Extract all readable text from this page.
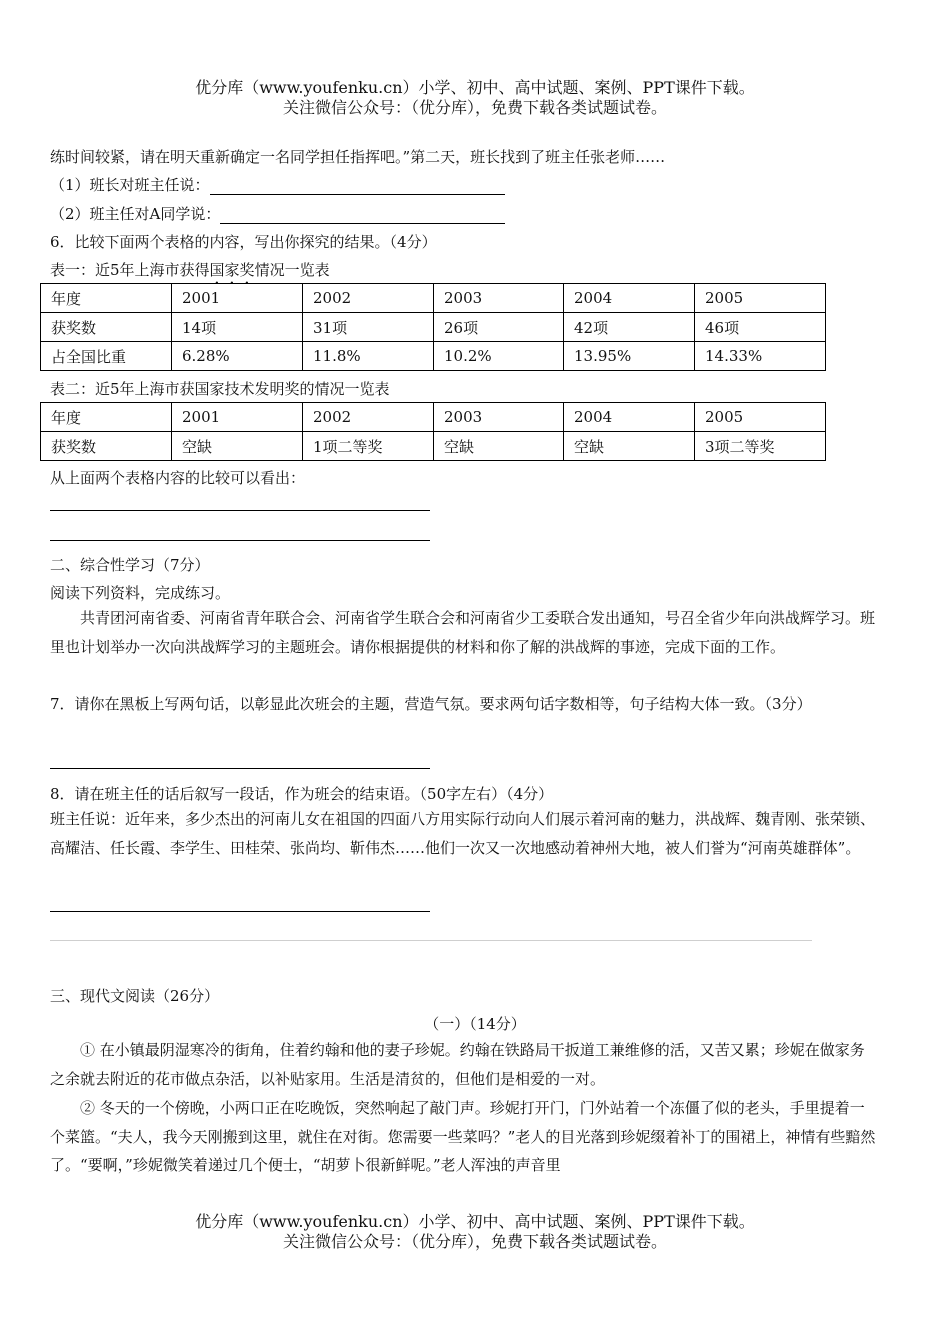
优分库（www.youfenku.cn）小学、初中、高中试题、案例、PPT课件下载。
关注微信公众号：（优分库），免费下载各类试题试卷。
练时间较紧，请在明天重新确定一名同学担任指挥吧。”第二天，班长找到了班主任张老师……
（1）班长对班主任说：
（2）班主任对A同学说：
6．比较下面两个表格的内容，写出你探究的结果。（4分）
表一：近5年上海市获得国家奖情况一览表
年度	2001	2002	2003	2004	2005
获奖数	14项	31项	26项	42项	46项
占全国比重	6.28%	11.8%	10.2%	13.95%	14.33%
表二：近5年上海市获国家技术发明奖的情况一览表
年度	2001	2002	2003	2004	2005
获奖数	空缺	1项二等奖	空缺	空缺	3项二等奖
从上面两个表格内容的比较可以看出：
二、综合性学习（7分）
阅读下列资料，完成练习。
共青团河南省委、河南省青年联合会、河南省学生联合会和河南省少工委联合发出通知，号召全省少年向洪战辉学习。班里也计划举办一次向洪战辉学习的主题班会。请你根据提供的材料和你了解的洪战辉的事迹，完成下面的工作。
7．请你在黑板上写两句话，以彰显此次班会的主题，营造气氛。要求两句话字数相等，句子结构大体一致。（3分）
8．请在班主任的话后叙写一段话，作为班会的结束语。（50字左右）（4分）
班主任说：近年来，多少杰出的河南儿女在祖国的四面八方用实际行动向人们展示着河南的魅力，洪战辉、魏青刚、张荣锁、高耀洁、任长霞、李学生、田桂荣、张尚均、靳伟杰……他们一次又一次地感动着神州大地，被人们誉为“河南英雄群体”。
三、现代文阅读（26分）
（一）（14分）
① 在小镇最阴湿寒冷的街角，住着约翰和他的妻子珍妮。约翰在铁路局干扳道工兼维修的活，又苦又累；珍妮在做家务之余就去附近的花市做点杂活，以补贴家用。生活是清贫的，但他们是相爱的一对。
② 冬天的一个傍晚，小两口正在吃晚饭，突然响起了敲门声。珍妮打开门，门外站着一个冻僵了似的老头，手里提着一个菜篮。“夫人，我今天刚搬到这里，就住在对街。您需要一些菜吗？”老人的目光落到珍妮缀着补丁的围裙上，神情有些黯然了。“要啊，”珍妮微笑着递过几个便士，“胡萝卜很新鲜呢。”老人浑浊的声音里
优分库（www.youfenku.cn）小学、初中、高中试题、案例、PPT课件下载。
关注微信公众号：（优分库），免费下载各类试题试卷。
